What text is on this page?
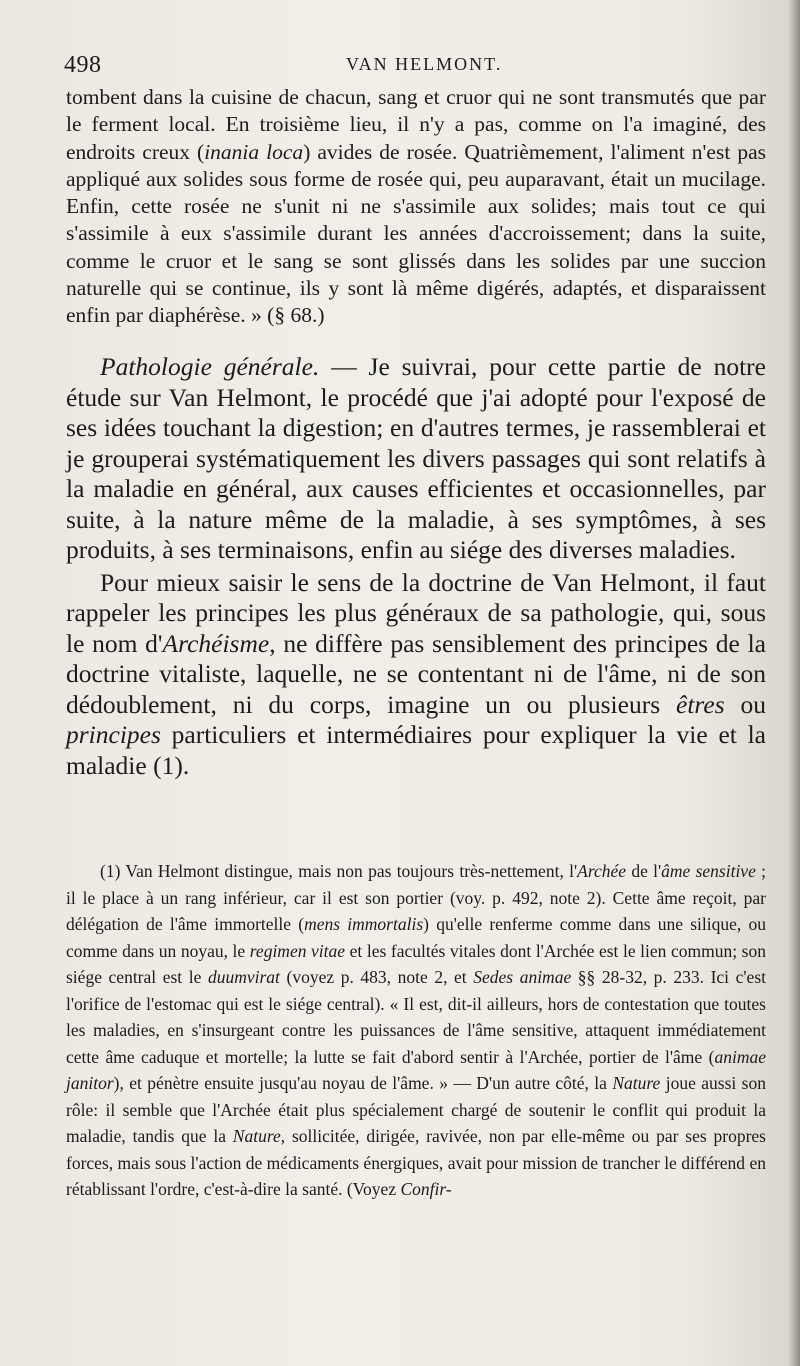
498	VAN HELMONT.
tombent dans la cuisine de chacun, sang et cruor qui ne sont transmutés que par le ferment local. En troisième lieu, il n'y a pas, comme on l'a imaginé, des endroits creux (inania loca) avides de rosée. Quatrièmement, l'aliment n'est pas appliqué aux solides sous forme de rosée qui, peu auparavant, était un mucilage. Enfin, cette rosée ne s'unit ni ne s'assimile aux solides; mais tout ce qui s'assimile à eux s'assimile durant les années d'accroissement; dans la suite, comme le cruor et le sang se sont glissés dans les solides par une succion naturelle qui se continue, ils y sont là même digérés, adaptés, et disparaissent enfin par diaphérèse. » (§ 68.)

Pathologie générale. — Je suivrai, pour cette partie de notre étude sur Van Helmont, le procédé que j'ai adopté pour l'exposé de ses idées touchant la digestion; en d'autres termes, je rassemblerai et je grouperai systématiquement les divers passages qui sont relatifs à la maladie en général, aux causes efficientes et occasionnelles, par suite, à la nature même de la maladie, à ses symptômes, à ses produits, à ses terminaisons, enfin au siége des diverses maladies.

Pour mieux saisir le sens de la doctrine de Van Helmont, il faut rappeler les principes les plus généraux de sa pathologie, qui, sous le nom d'Archéisme, ne diffère pas sensiblement des principes de la doctrine vitaliste, laquelle, ne se contentant ni de l'âme, ni de son dédoublement, ni du corps, imagine un ou plusieurs êtres ou principes particuliers et intermédiaires pour expliquer la vie et la maladie (1).

(1) Van Helmont distingue, mais non pas toujours très-nettement, l'Archée de l'âme sensitive ; il le place à un rang inférieur, car il est son portier (voy. p. 492, note 2). Cette âme reçoit, par délégation de l'âme immortelle (mens immortalis) qu'elle renferme comme dans une silique, ou comme dans un noyau, le regimen vitae et les facultés vitales dont l'Archée est le lien commun; son siége central est le duumvirat (voyez p. 483, note 2, et Sedes animae §§ 28-32, p. 233. Ici c'est l'orifice de l'estomac qui est le siége central). « Il est, dit-il ailleurs, hors de contestation que toutes les maladies, en s'insurgeant contre les puissances de l'âme sensitive, attaquent immédiatement cette âme caduque et mortelle; la lutte se fait d'abord sentir à l'Archée, portier de l'âme (animae janitor), et pénètre ensuite jusqu'au noyau de l'âme. » — D'un autre côté, la Nature joue aussi son rôle: il semble que l'Archée était plus spécialement chargé de soutenir le conflit qui produit la maladie, tandis que la Nature, sollicitée, dirigée, ravivée, non par elle-même ou par ses propres forces, mais sous l'action de médicaments énergiques, avait pour mission de trancher le différend en rétablissant l'ordre, c'est-à-dire la santé. (Voyez Confir-
